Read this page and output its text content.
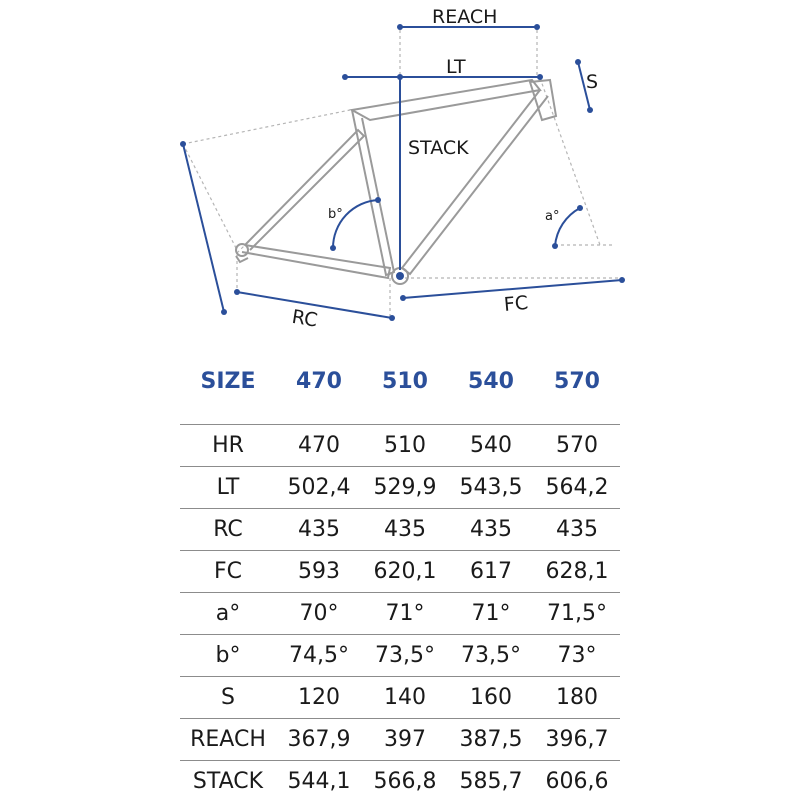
REACH
LT
S
STACK
b°	a°
RC
FC
SIZE	470	510	540	570
HR	470	510	540	570
LT	502,4	529,9	543,5	564,2
RC	435	435	435	435
FC	593	620,1	617	628,1
a°	70°	71°	71°	71,5°
b°	74,5°	73,5°	73,5°	73°
S	120	140	160	180
REACH 367,9	397	387,5	396,7
STACK	544,1	566,8	585,7	606,6
